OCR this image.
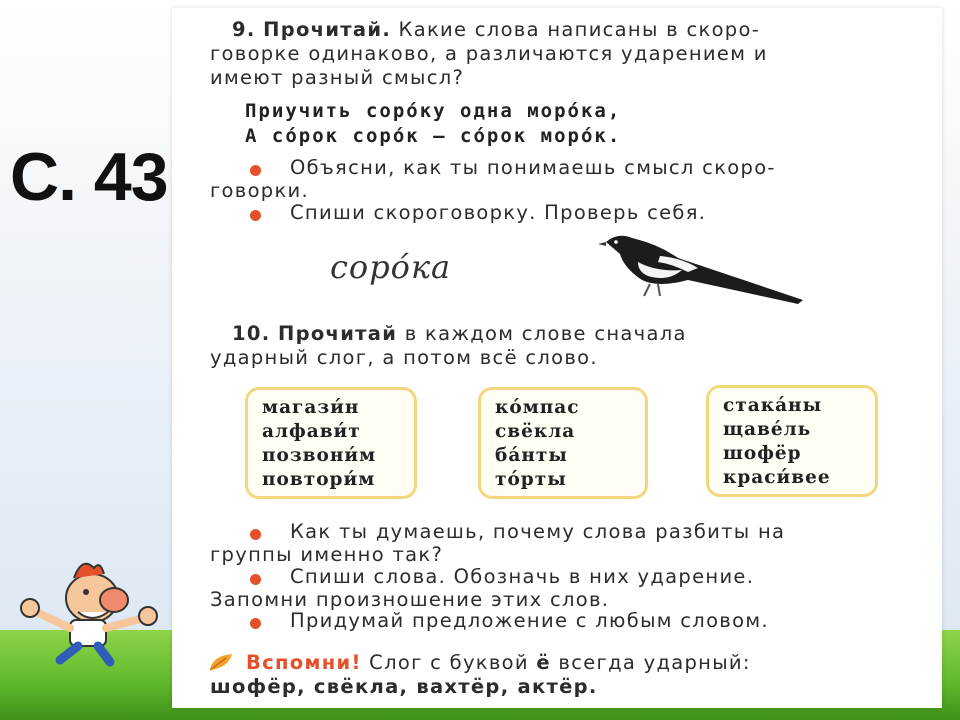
С. 43
9. Прочитай. Какие слова написаны в скоро-
говорке одинаково, а различаются ударением и
имеют разный смысл?
Приучить соро́ку одна моро́ка,
А со́рок соро́к — со́рок моро́к.
Объясни, как ты понимаешь смысл скоро-
говорки.
Спиши скороговорку. Проверь себя.
соро́ка
10. Прочитай в каждом слове сначала
ударный слог, а потом всё слово.
магази́н
алфави́т
позвони́м
повтори́м
ко́мпас
свёкла
ба́нты
то́рты
стака́ны
щаве́ль
шофёр
краси́вее
Как ты думаешь, почему слова разбиты на
группы именно так?
Спиши слова. Обозначь в них ударение.
Запомни произношение этих слов.
Придумай предложение с любым словом.
Вспомни! Слог с буквой ё всегда ударный:
шофёр, свёкла, вахтёр, актёр.
